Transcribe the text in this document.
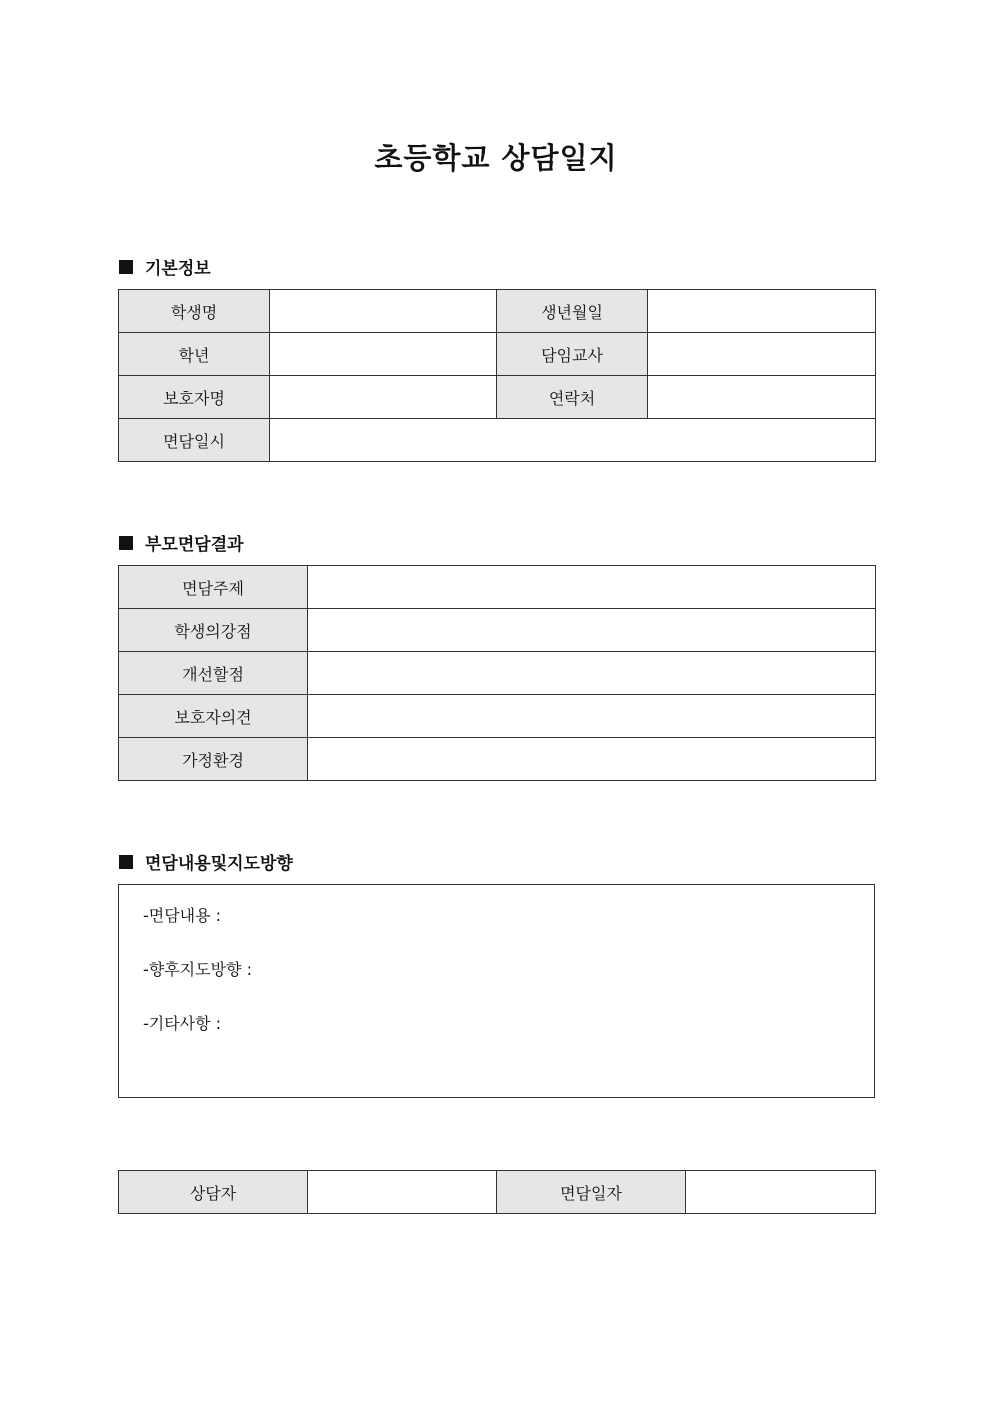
초등학교 상담일지
기본정보
학생명		생년월일	
학년		담임교사	
보호자명		연락처	
면담일시			
부모면담결과
면담주제	
학생의강점	
개선할점	
보호자의견	
가정환경	
면담내용및지도방향
-면담내용 :
-향후지도방향 :
-기타사항 :
상담자		면담일자	
